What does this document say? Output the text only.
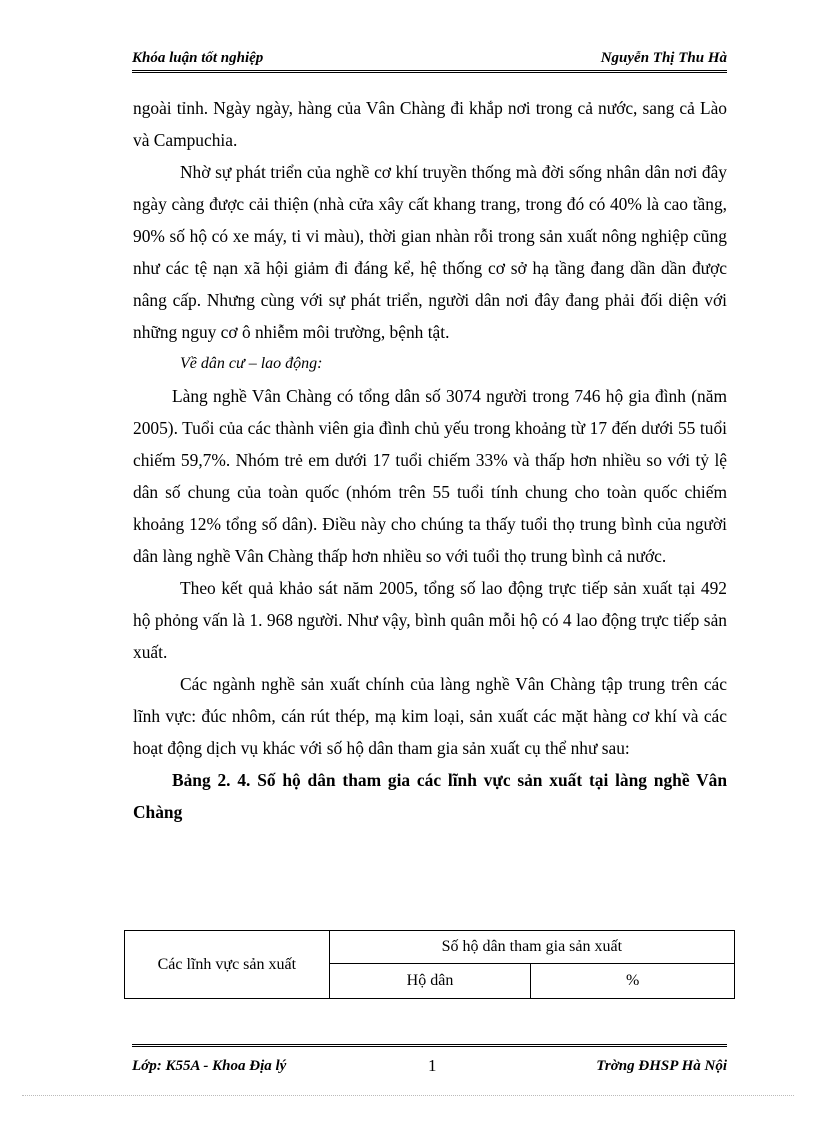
Khóa luận tốt nghiệp	Nguyễn Thị Thu Hà

ngoài tỉnh. Ngày ngày, hàng của Vân Chàng đi khắp nơi trong cả nước, sang cả Lào và Campuchia.

Nhờ sự phát triển của nghề cơ khí truyền thống mà đời sống nhân dân nơi đây ngày càng được cải thiện (nhà cửa xây cất khang trang, trong đó có 40% là cao tầng, 90% số hộ có xe máy, ti vi màu), thời gian nhàn rỗi trong sản xuất nông nghiệp cũng như các tệ nạn xã hội giảm đi đáng kể, hệ thống cơ sở hạ tầng đang dần dần được nâng cấp. Nhưng cùng với sự phát triển, người dân nơi đây đang phải đối diện với những nguy cơ ô nhiễm môi trường, bệnh tật.

Về dân cư – lao động:

Làng nghề Vân Chàng có tổng dân số 3074 người trong 746 hộ gia đình (năm 2005). Tuổi của các thành viên gia đình chủ yếu trong khoảng từ 17 đến dưới 55 tuổi chiếm 59,7%. Nhóm trẻ em dưới 17 tuổi chiếm 33% và thấp hơn nhiều so với tỷ lệ dân số chung của toàn quốc (nhóm trên 55 tuổi tính chung cho toàn quốc chiếm khoảng 12% tổng số dân). Điều này cho chúng ta thấy tuổi thọ trung bình của người dân làng nghề Vân Chàng thấp hơn nhiều so với tuổi thọ trung bình cả nước.

Theo kết quả khảo sát năm 2005, tổng số lao động trực tiếp sản xuất tại 492 hộ phỏng vấn là 1. 968 người. Như vậy, bình quân mỗi hộ có 4 lao động trực tiếp sản xuất.

Các ngành nghề sản xuất chính của làng nghề Vân Chàng tập trung trên các lĩnh vực: đúc nhôm, cán rút thép, mạ kim loại, sản xuất các mặt hàng cơ khí và các hoạt động dịch vụ khác với số hộ dân tham gia sản xuất cụ thể như sau:

Bảng 2. 4. Số hộ dân tham gia các lĩnh vực sản xuất tại làng nghề Vân Chàng

Các lĩnh vực sản xuất	Số hộ dân tham gia sản xuất	
	Hộ dân	%
Lớp: K55A - Khoa Địa lý	1	Trờng ĐHSP Hà Nội
